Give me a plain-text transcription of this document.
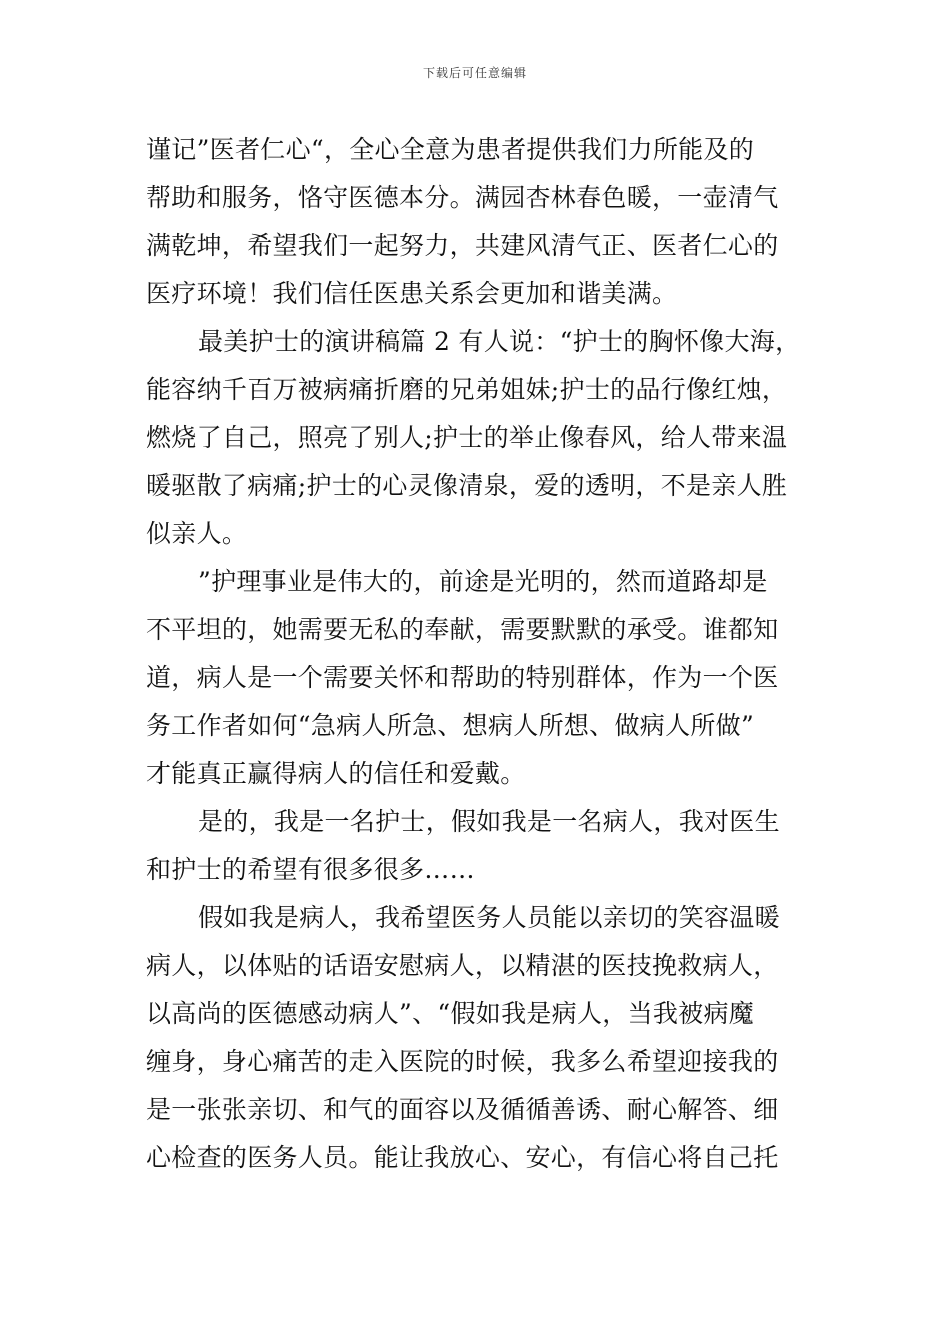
下载后可任意编辑
谨记”医者仁心“，全心全意为患者提供我们力所能及的
帮助和服务，恪守医德本分。满园杏林春色暖，一壶清气
满乾坤，希望我们一起努力，共建风清气正、医者仁心的
医疗环境！我们信任医患关系会更加和谐美满。
最美护士的演讲稿篇 2 有人说：“护士的胸怀像大海，
能容纳千百万被病痛折磨的兄弟姐妹;护士的品行像红烛，
燃烧了自己，照亮了别人;护士的举止像春风，给人带来温
暖驱散了病痛;护士的心灵像清泉，爱的透明，不是亲人胜
似亲人。
”护理事业是伟大的，前途是光明的，然而道路却是
不平坦的，她需要无私的奉献，需要默默的承受。谁都知
道，病人是一个需要关怀和帮助的特别群体，作为一个医
务工作者如何“急病人所急、想病人所想、做病人所做”
才能真正赢得病人的信任和爱戴。
是的，我是一名护士，假如我是一名病人，我对医生
和护士的希望有很多很多……
假如我是病人，我希望医务人员能以亲切的笑容温暖
病人，以体贴的话语安慰病人，以精湛的医技挽救病人，
以高尚的医德感动病人”、“假如我是病人，当我被病魔
缠身，身心痛苦的走入医院的时候，我多么希望迎接我的
是一张张亲切、和气的面容以及循循善诱、耐心解答、细
心检查的医务人员。能让我放心、安心，有信心将自己托
